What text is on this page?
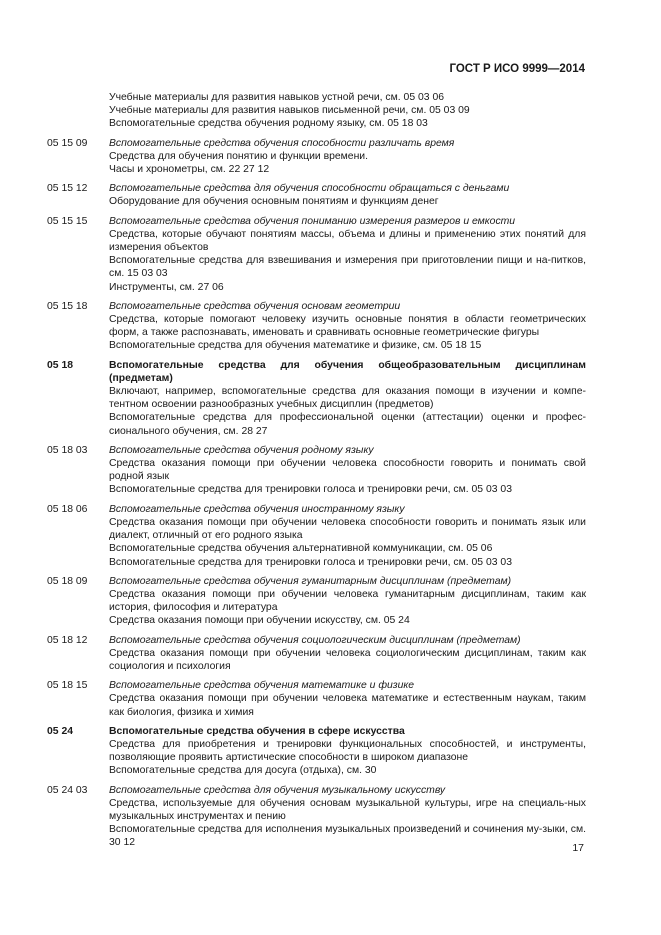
ГОСТ Р ИСО 9999—2014
Учебные материалы для развития навыков устной речи, см. 05 03 06
Учебные материалы для развития навыков письменной речи, см. 05 03 09
Вспомогательные средства обучения родному языку, см. 05 18 03
05 15 09	Вспомогательные средства обучения способности различать время
Средства для обучения понятию и функции времени.
Часы и хронометры, см. 22 27 12
05 15 12	Вспомогательные средства для обучения способности обращаться с деньгами
Оборудование для обучения основным понятиям и функциям денег
05 15 15	Вспомогательные средства обучения пониманию измерения размеров и емкости
Средства, которые обучают понятиям массы, объема и длины и применению этих понятий для измерения объектов
Вспомогательные средства для взвешивания и измерения при приготовлении пищи и на-питков, см. 15 03 03
Инструменты, см. 27 06
05 15 18	Вспомогательные средства обучения основам геометрии
Средства, которые помогают человеку изучить основные понятия в области геометрических форм, а также распознавать, именовать и сравнивать основные геометрические фигуры
Вспомогательные средства для обучения математике и физике, см. 05 18 15
05 18	Вспомогательные средства для обучения общеобразовательным дисциплинам (предметам)
Включают, например, вспомогательные средства для оказания помощи в изучении и компе-тентном освоении разнообразных учебных дисциплин (предметов)
Вспомогательные средства для профессиональной оценки (аттестации) оценки и профес-сионального обучения, см. 28 27
05 18 03	Вспомогательные средства обучения родному языку
Средства оказания помощи при обучении человека способности говорить и понимать свой родной язык
Вспомогательные средства для тренировки голоса и тренировки речи, см. 05 03 03
05 18 06	Вспомогательные средства обучения иностранному языку
Средства оказания помощи при обучении человека способности говорить и понимать язык или диалект, отличный от его родного языка
Вспомогательные средства обучения альтернативной коммуникации, см. 05 06
Вспомогательные средства для тренировки голоса и тренировки речи, см. 05 03 03
05 18 09	Вспомогательные средства обучения гуманитарным дисциплинам (предметам)
Средства оказания помощи при обучении человека гуманитарным дисциплинам, таким как история, философия и литература
Средства оказания помощи при обучении искусству, см. 05 24
05 18 12	Вспомогательные средства обучения социологическим дисциплинам (предметам)
Средства оказания помощи при обучении человека социологическим дисциплинам, таким как социология и психология
05 18 15	Вспомогательные средства обучения математике и физике
Средства оказания помощи при обучении человека математике и естественным наукам, таким как биология, физика и химия
05 24	Вспомогательные средства обучения в сфере искусства
Средства для приобретения и тренировки функциональных способностей, и инструменты, позволяющие проявить артистические способности в широком диапазоне
Вспомогательные средства для досуга (отдыха), см. 30
05 24 03	Вспомогательные средства для обучения музыкальному искусству
Средства, используемые для обучения основам музыкальной культуры, игре на специаль-ных музыкальных инструментах и пению
Вспомогательные средства для исполнения музыкальных произведений и сочинения му-зыки, см. 30 12	17
